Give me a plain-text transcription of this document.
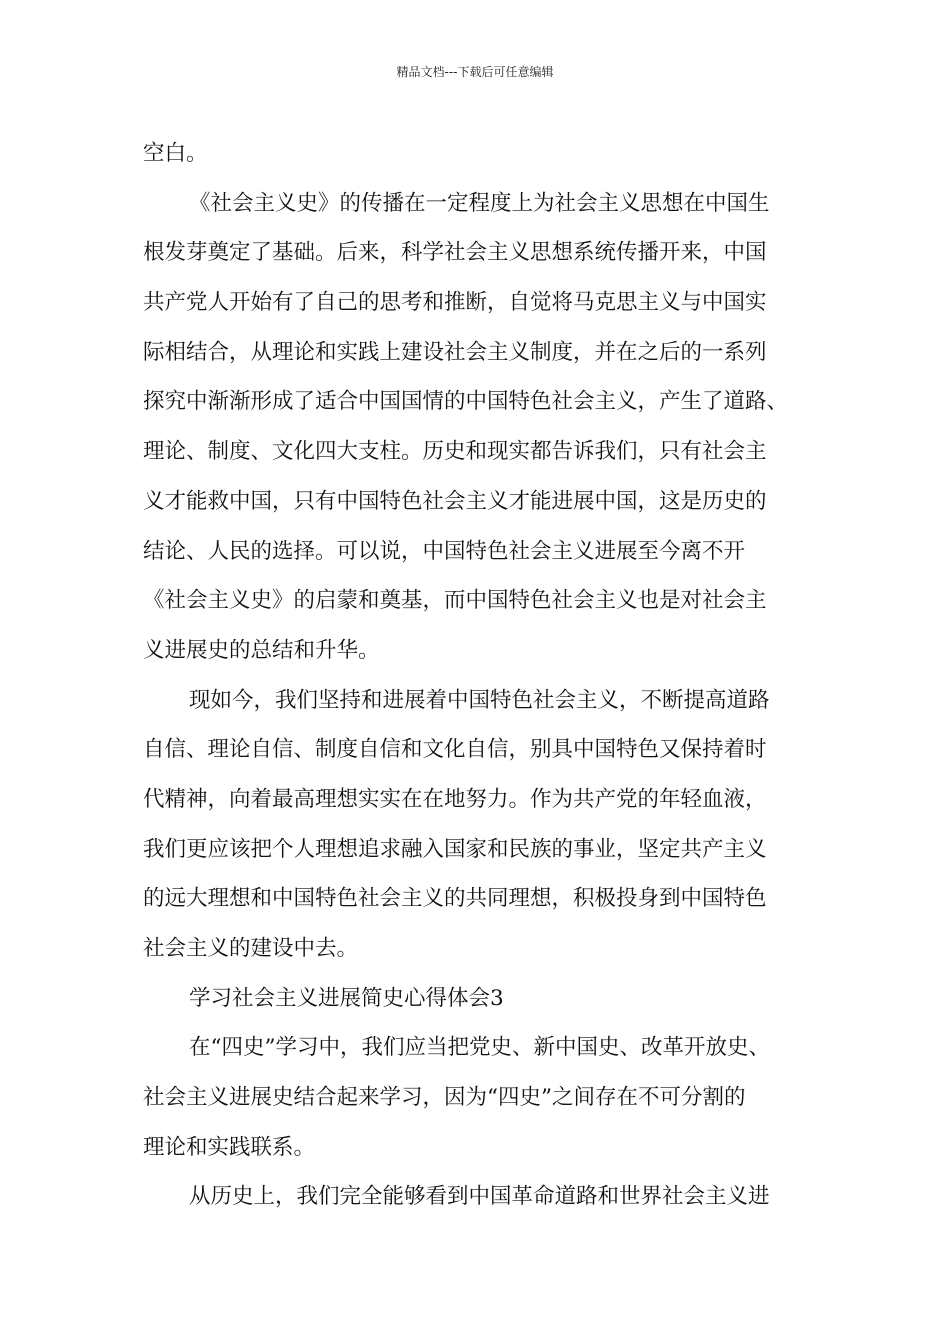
精品文档---下载后可任意编辑
空白。
《社会主义史》的传播在一定程度上为社会主义思想在中国生
根发芽奠定了基础。后来，科学社会主义思想系统传播开来，中国
共产党人开始有了自己的思考和推断，自觉将马克思主义与中国实
际相结合，从理论和实践上建设社会主义制度，并在之后的一系列
探究中渐渐形成了适合中国国情的中国特色社会主义，产生了道路、
理论、制度、文化四大支柱。历史和现实都告诉我们，只有社会主
义才能救中国，只有中国特色社会主义才能进展中国，这是历史的
结论、人民的选择。可以说，中国特色社会主义进展至今离不开
《社会主义史》的启蒙和奠基，而中国特色社会主义也是对社会主
义进展史的总结和升华。
现如今，我们坚持和进展着中国特色社会主义，不断提高道路
自信、理论自信、制度自信和文化自信，别具中国特色又保持着时
代精神，向着最高理想实实在在地努力。作为共产党的年轻血液，
我们更应该把个人理想追求融入国家和民族的事业，坚定共产主义
的远大理想和中国特色社会主义的共同理想，积极投身到中国特色
社会主义的建设中去。
学习社会主义进展简史心得体会3
在“四史”学习中，我们应当把党史、新中国史、改革开放史、
社会主义进展史结合起来学习，因为“四史”之间存在不可分割的
理论和实践联系。
从历史上，我们完全能够看到中国革命道路和世界社会主义进
